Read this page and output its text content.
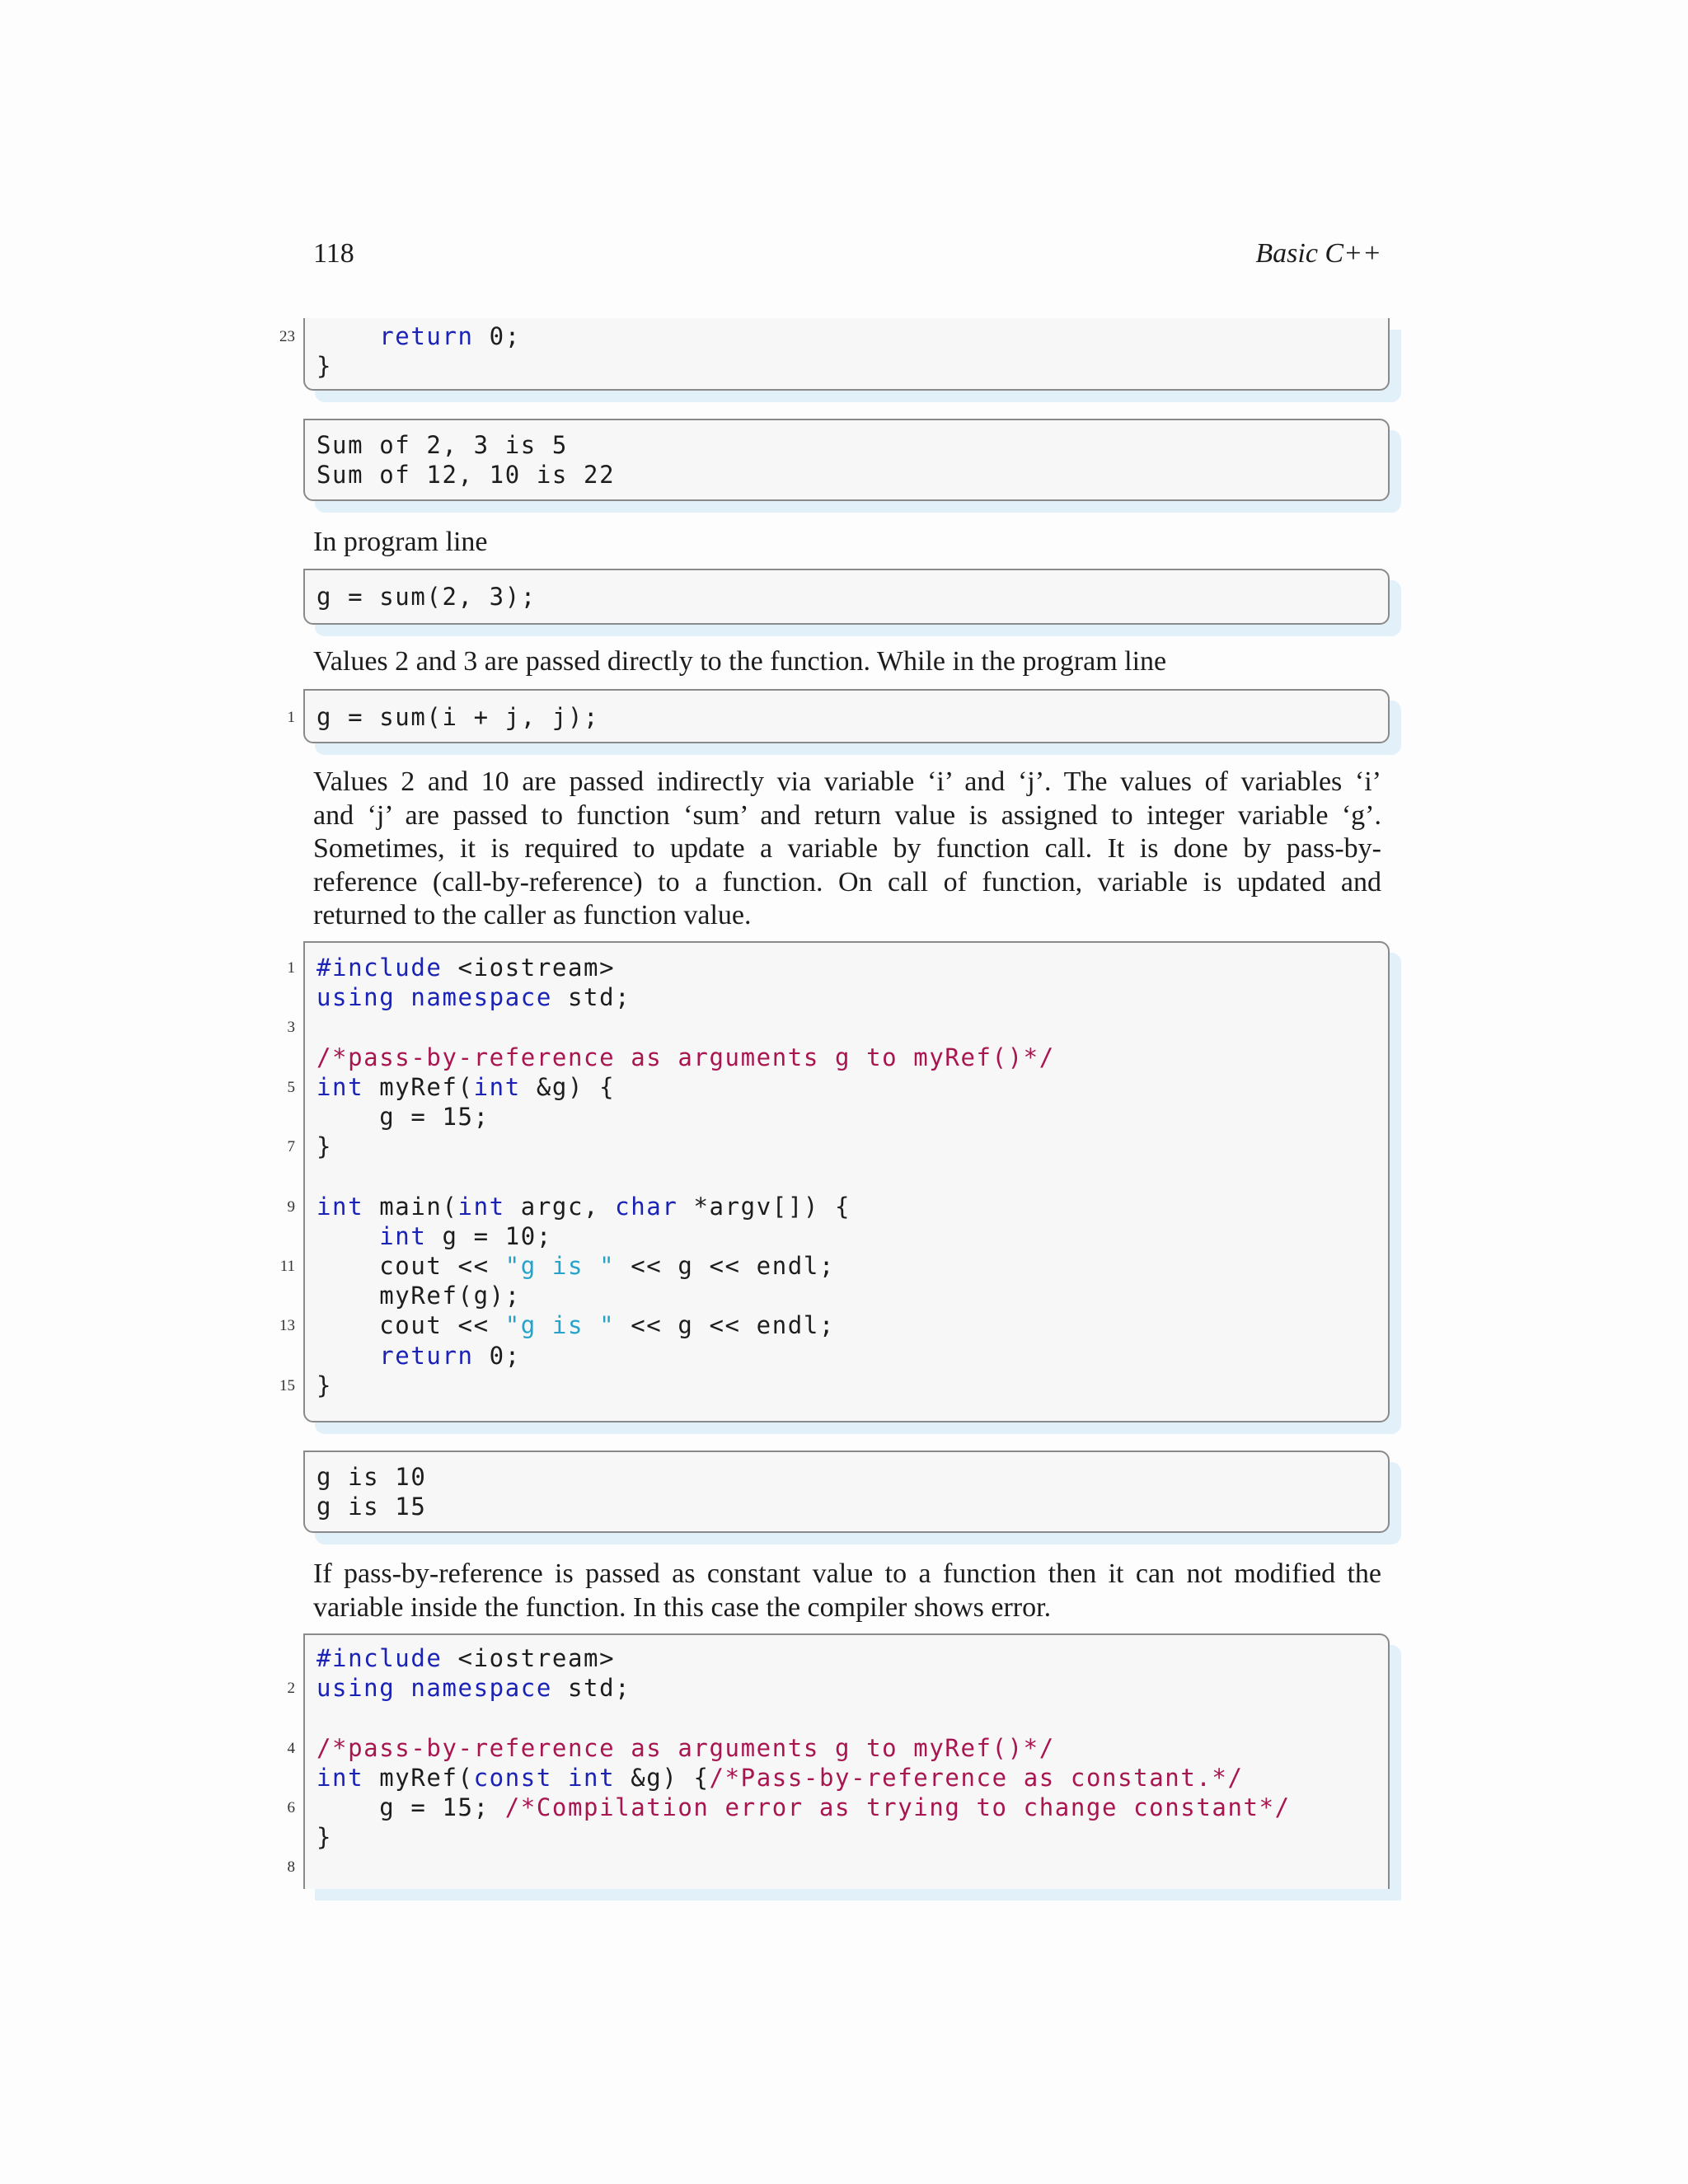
118	Basic C++
23	return 0;
}
Sum of 2, 3 is 5
Sum of 12, 10 is 22
In program line
g = sum(2, 3);
Values 2 and 3 are passed directly to the function. While in the program line
1 g = sum(i + j, j);
Values 2 and 10 are passed indirectly via variable ‘i’ and ‘j’. The values of variables ‘i’
and ‘j’ are passed to function ‘sum’ and return value is assigned to integer variable ‘g’.
Sometimes, it is required to update a variable by function call. It is done by pass-by-
reference (call-by-reference) to a function. On call of function, variable is updated and
returned to the caller as function value.
#include <iostream>
using namespace std;
/*pass-by-reference as arguments g to myRef()*/
int myRef(int &g) {
g = 15;
}
int main(int argc, char *argv[]) {
int g = 10;
cout << "g is " << g << endl;
myRef(g);
cout << "g is " << g << endl;
return 0;
}
1
3
5
7
9
11
13
15
g is 10
g is 15
If pass-by-reference is passed as constant value to a function then it can not modified the
variable inside the function. In this case the compiler shows error.
#include <iostream>
using namespace std;
/*pass-by-reference as arguments g to myRef()*/
int myRef(const int &g) {/*Pass-by-reference as constant.*/
g = 15; /*Compilation error as trying to change constant*/
}
2
4
6
8
